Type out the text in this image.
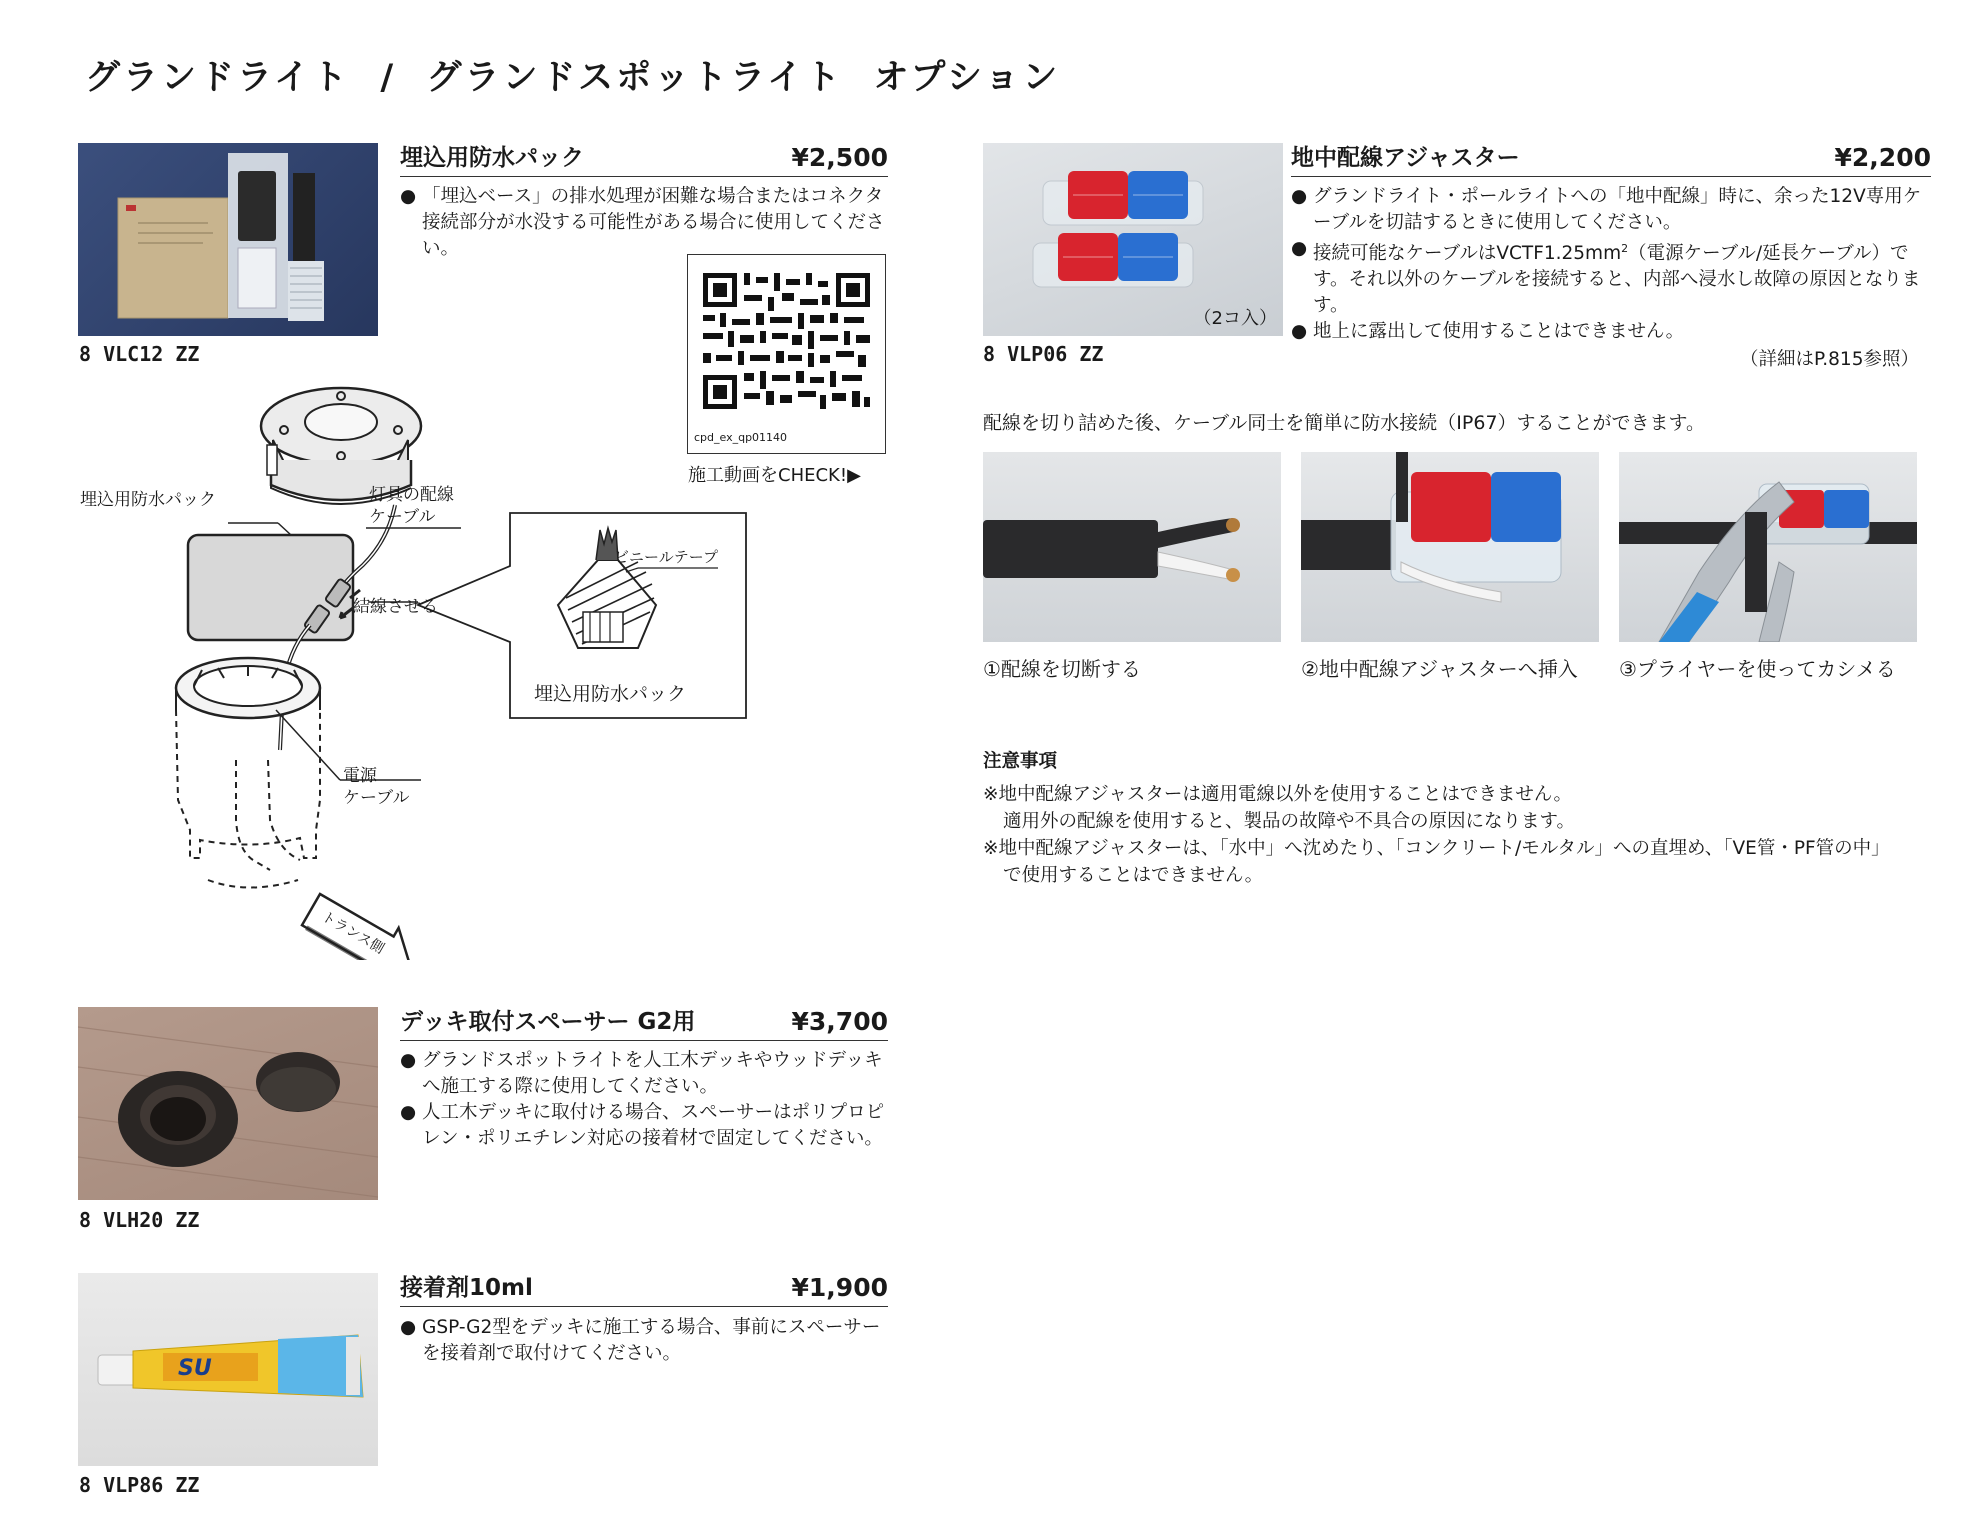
グランドライト  /  グランドスポットライト  オプション
8 VLC12 ZZ
埋込用防水パック	¥2,500
● 「埋込ベース」の排水処理が困難な場合またはコネクタ接続部分が水没する可能性がある場合に使用してください。
cpd_ex_qp01140
施工動画をCHECK!▶
埋込用防水パック	灯具の配線
ケーブル
結線させる
ビニールテープ
埋込用防水パック
電源
ケーブル
トランス側
8 VLH20 ZZ
デッキ取付スペーサー G2用	¥3,700
● グランドスポットライトを人工木デッキやウッドデッキへ施工する際に使用してください。
● 人工木デッキに取付ける場合、スペーサーはポリプロピレン・ポリエチレン対応の接着材で固定してください。
SU
8 VLP86 ZZ
接着剤10ml	¥1,900
● GSP-G2型をデッキに施工する場合、事前にスペーサーを接着剤で取付けてください。
（2コ入）
8 VLP06 ZZ
地中配線アジャスター	¥2,200
● グランドライト・ポールライトへの「地中配線」時に、余った12V専用ケーブルを切詰するときに使用してください。
● 接続可能なケーブルは$VCTF1.25mm^2$（電源ケーブル/延長ケーブル）です。それ以外のケーブルを接続すると、内部へ浸水し故障の原因となります。
● 地上に露出して使用することはできません。
（詳細はP.815参照）
配線を切り詰めた後、ケーブル同士を簡単に防水接続（IP67）することができます。
①配線を切断する	②地中配線アジャスターへ挿入 ③プライヤーを使ってカシメる
注意事項
※地中配線アジャスターは適用電線以外を使用することはできません。
適用外の配線を使用すると、製品の故障や不具合の原因になります。
※地中配線アジャスターは、「水中」へ沈めたり、「コンクリート/モルタル」への直埋め、「VE管・PF管の中」
で使用することはできません。
